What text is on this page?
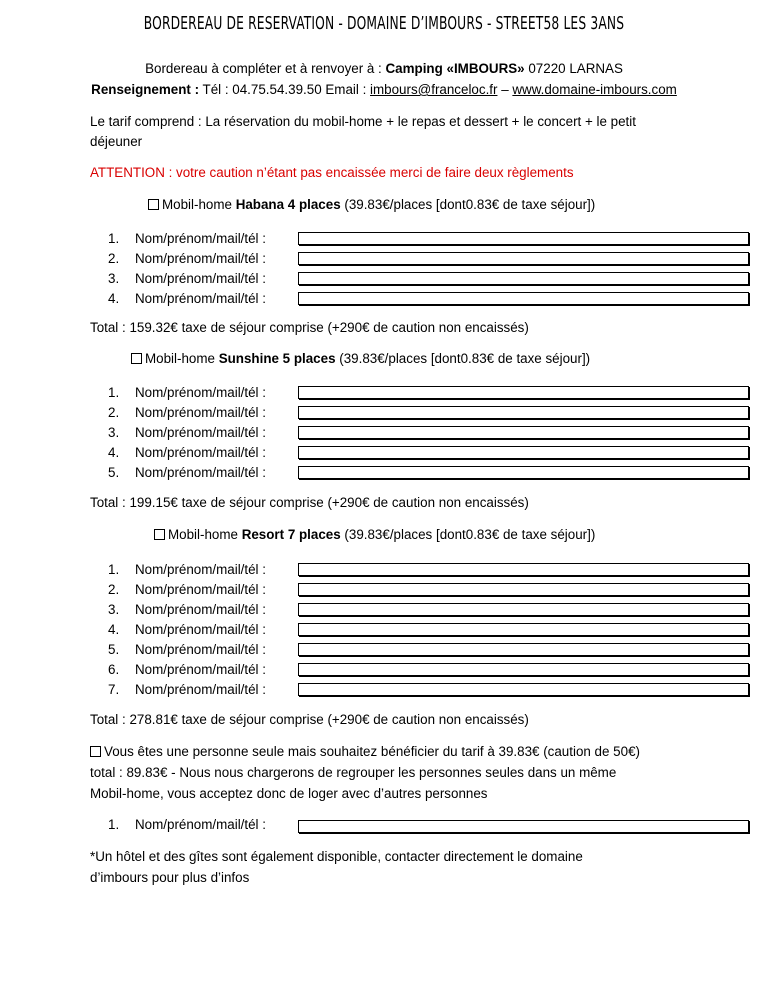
BORDEREAU DE RESERVATION - DOMAINE D’IMBOURS - STREET58 LES 3ANS
Bordereau à compléter et à renvoyer à : Camping «IMBOURS» 07220 LARNAS
Renseignement : Tél : 04.75.54.39.50 Email : imbours@franceloc.fr – www.domaine-imbours.com
Le tarif comprend : La réservation du mobil-home + le repas et dessert + le concert + le petit
déjeuner
ATTENTION : votre caution n’étant pas encaissée merci de faire deux règlements
Mobil-home Habana 4 places (39.83€/places [dont0.83€ de taxe séjour])
1. Nom/prénom/mail/tél :
2. Nom/prénom/mail/tél :
3. Nom/prénom/mail/tél :
4. Nom/prénom/mail/tél :
Total : 159.32€ taxe de séjour comprise (+290€ de caution non encaissés)
Mobil-home Sunshine 5 places (39.83€/places [dont0.83€ de taxe séjour])
1. Nom/prénom/mail/tél :
2. Nom/prénom/mail/tél :
3. Nom/prénom/mail/tél :
4. Nom/prénom/mail/tél :
5. Nom/prénom/mail/tél :
Total : 199.15€ taxe de séjour comprise (+290€ de caution non encaissés)
Mobil-home Resort 7 places (39.83€/places [dont0.83€ de taxe séjour])
1. Nom/prénom/mail/tél :
2. Nom/prénom/mail/tél :
3. Nom/prénom/mail/tél :
4. Nom/prénom/mail/tél :
5. Nom/prénom/mail/tél :
6. Nom/prénom/mail/tél :
7. Nom/prénom/mail/tél :
Total : 278.81€ taxe de séjour comprise (+290€ de caution non encaissés)
Vous êtes une personne seule mais souhaitez bénéficier du tarif à 39.83€ (caution de 50€)
total : 89.83€ - Nous nous chargerons de regrouper les personnes seules dans un même
Mobil-home, vous acceptez donc de loger avec d’autres personnes
1. Nom/prénom/mail/tél :
*Un hôtel et des gîtes sont également disponible, contacter directement le domaine
d’imbours pour plus d’infos
